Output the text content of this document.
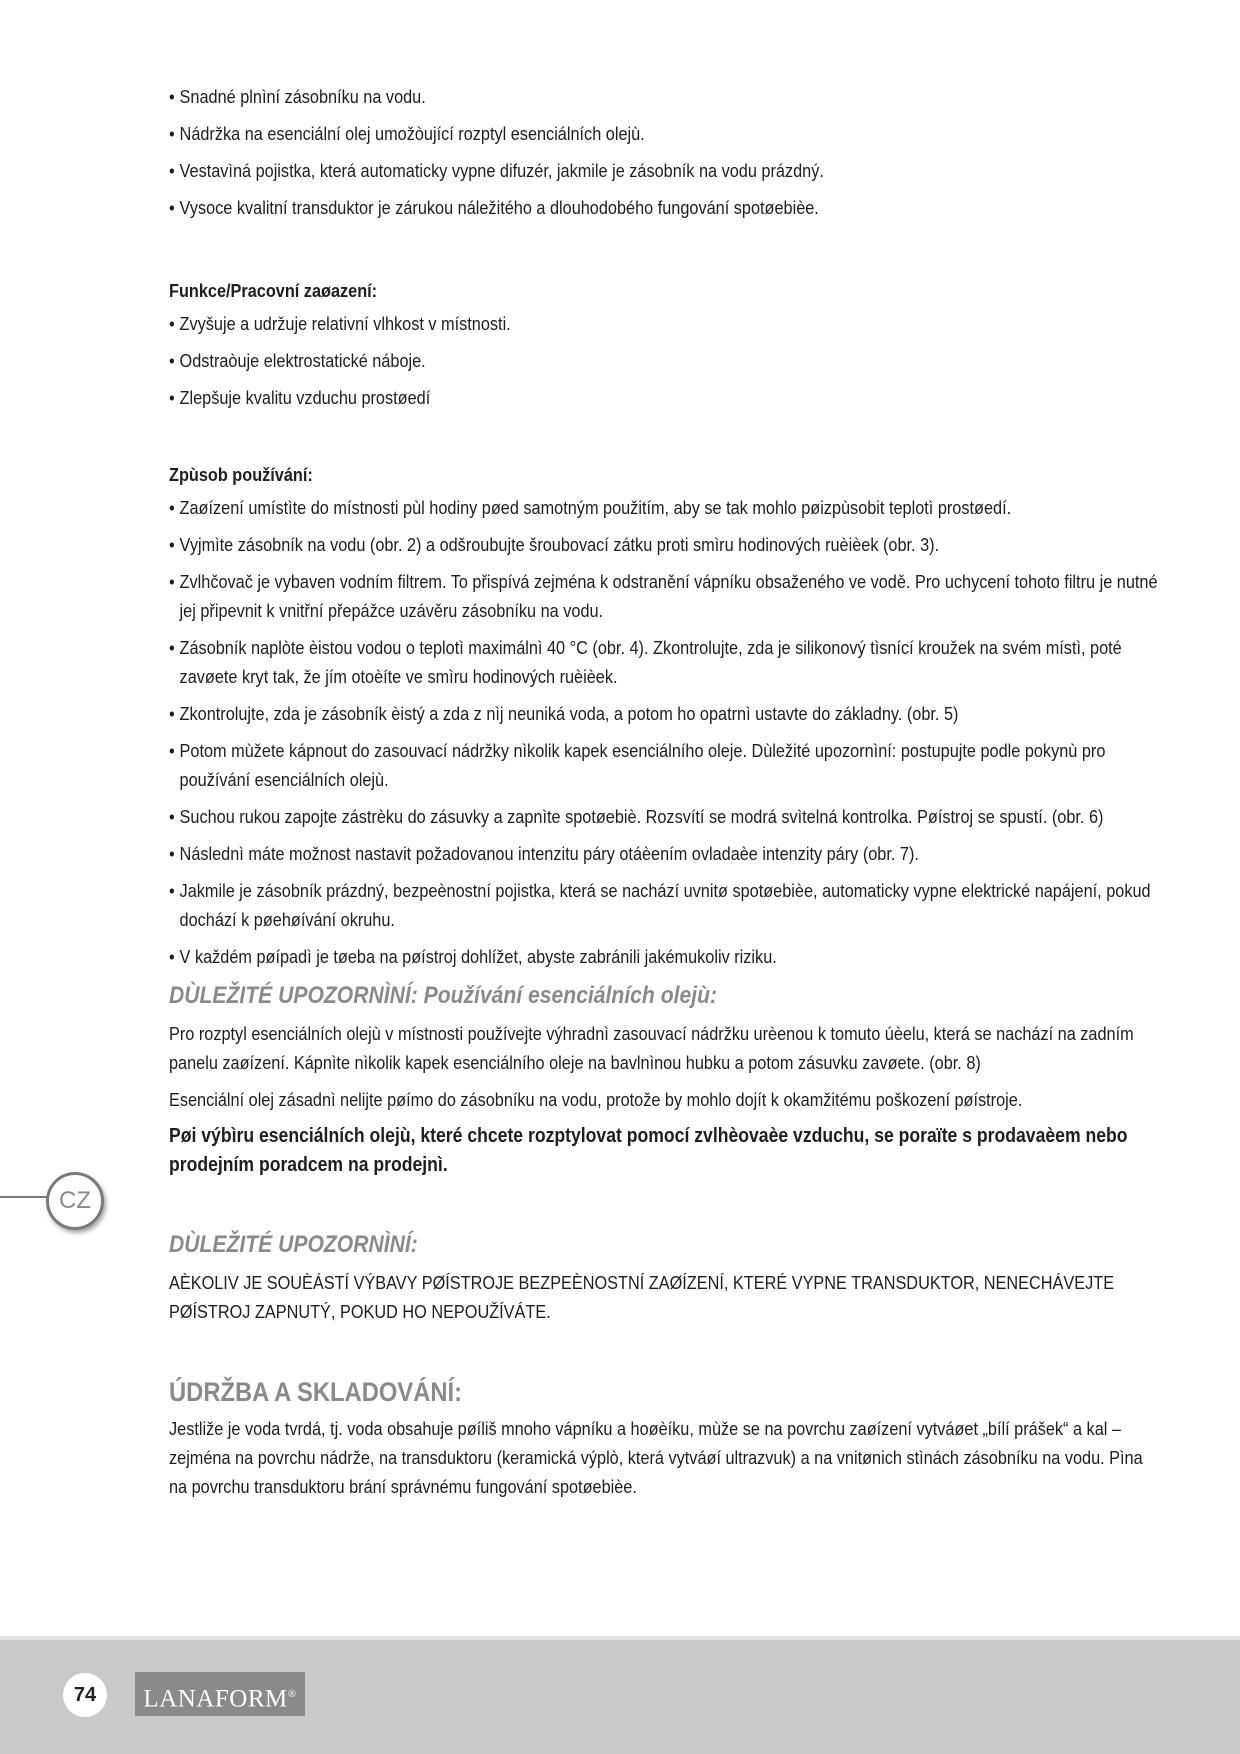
• Snadné plnìní zásobníku na vodu.
• Nádržka na esenciální olej umožòující rozptyl esenciálních olejù.
• Vestavìná pojistka, která automaticky vypne difuzér, jakmile je zásobník na vodu prázdný.
• Vysoce kvalitní transduktor je zárukou náležitého a dlouhodobého fungování spotøebièe.

Funkce/Pracovní zaøazení:

• Zvyšuje a udržuje relativní vlhkost v místnosti.
• Odstraòuje elektrostatické náboje.
• Zlepšuje kvalitu vzduchu prostøedí

Zpùsob používání:

• Zaøízení umístìte do místnosti pùl hodiny pøed samotným použitím, aby se tak mohlo pøizpùsobit teplotì prostøedí.
• Vyjmìte zásobník na vodu (obr. 2) a odšroubujte šroubovací zátku proti smìru hodinových ruèièek (obr. 3).
• Zvlhčovač je vybaven vodním filtrem. To přispívá zejména k odstranění vápníku obsaženého ve vodě. Pro uchycení tohoto filtru je nutné jej připevnit k vnitřní přepážce uzávěru zásobníku na vodu.
• Zásobník naplòte èistou vodou o teplotì maximálnì 40 °C (obr. 4). Zkontrolujte, zda je silikonový tìsnící kroužek na svém místì, poté zavøete kryt tak, že jím otoèíte ve smìru hodinových ruèièek.
• Zkontrolujte, zda je zásobník èistý a zda z nìj neuniká voda, a potom ho opatrnì ustavte do základny. (obr. 5)
• Potom mùžete kápnout do zasouvací nádržky nìkolik kapek esenciálního oleje. Dùležité upozornìní: postupujte podle pokynù pro používání esenciálních olejù.
• Suchou rukou zapojte zástrèku do zásuvky a zapnìte spotøebiè. Rozsvítí se modrá svìtelná kontrolka. Pøístroj se spustí. (obr. 6)
• Následnì máte možnost nastavit požadovanou intenzitu páry otáèením ovladaèe intenzity páry (obr. 7).
• Jakmile je zásobník prázdný, bezpeènostní pojistka, která se nachází uvnitø spotøebièe, automaticky vypne elektrické napájení, pokud dochází k pøehøívání okruhu.
• V každém pøípadì je tøeba na pøístroj dohlížet, abyste zabránili jakémukoliv riziku.

DÙLEŽITÉ UPOZORNÌNÍ: Používání esenciálních olejù:

Pro rozptyl esenciálních olejù v místnosti používejte výhradnì zasouvací nádržku urèenou k tomuto úèelu, která se nachází na zadním panelu zaøízení. Kápnìte nìkolik kapek esenciálního oleje na bavlnìnou hubku a potom zásuvku zavøete. (obr. 8)

Esenciální olej zásadnì nelijte pøímo do zásobníku na vodu, protože by mohlo dojít k okamžitému poškození pøístroje.

Pøi výbìru esenciálních olejù, které chcete rozptylovat pomocí zvlhèovaèe vzduchu, se poraïte s prodavaèem nebo prodejním poradcem na prodejnì.

DÙLEŽITÉ UPOZORNÌNÍ:

AÈKOLIV JE SOUÈÁSTÍ VÝBAVY PØÍSTROJE BEZPEÈNOSTNÍ ZAØÍZENÍ, KTERÉ VYPNE TRANSDUKTOR, NENECHÁVEJTE PØÍSTROJ ZAPNUTÝ, POKUD HO NEPOUŽÍVÁTE.

ÚDRŽBA A SKLADOVÁNÍ:

Jestliže je voda tvrdá, tj. voda obsahuje pøíliš mnoho vápníku a hoøèíku, mùže se na povrchu zaøízení vytváøet „bílí prášek“ a kal – zejména na povrchu nádrže, na transduktoru (keramická výplò, která vytváøí ultrazvuk) a na vnitønich stìnách zásobníku na vodu. Pìna na povrchu transduktoru brání správnému fungování spotøebièe.

CZ
74	LANAFORM®
